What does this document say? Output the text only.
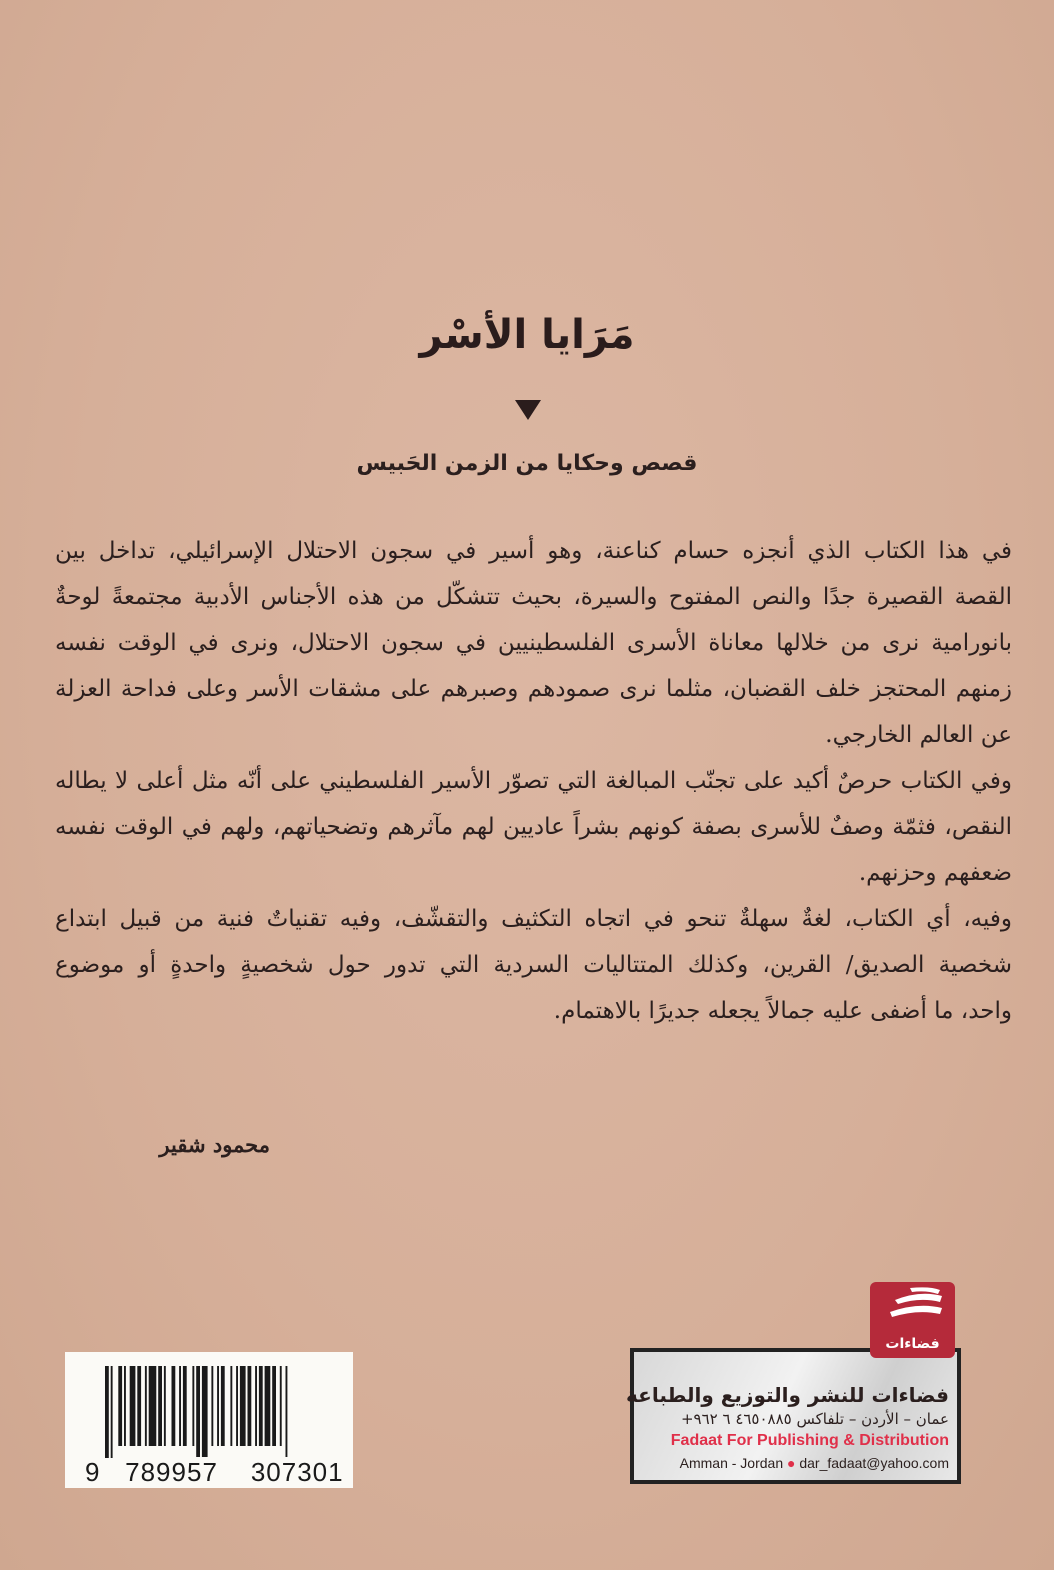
مَرَايا الأسْر
قصص وحكايا من الزمن الحَبيس
في هذا الكتاب الذي أنجزه حسام كناعنة، وهو أسير في سجون الاحتلال الإسرائيلي، تداخل بين
القصة القصيرة جدًا والنص المفتوح والسيرة، بحيث تتشكّل من هذه الأجناس الأدبية مجتمعةً لوحةٌ
بانورامية نرى من خلالها معاناة الأسرى الفلسطينيين في سجون الاحتلال، ونرى في الوقت نفسه
زمنهم المحتجز خلف القضبان، مثلما نرى صمودهم وصبرهم على مشقات الأسر وعلى فداحة العزلة
عن العالم الخارجي.
وفي الكتاب حرصٌ أكيد على تجنّب المبالغة التي تصوّر الأسير الفلسطيني على أنّه مثل أعلى لا يطاله
النقص، فثمّة وصفٌ للأسرى بصفة كونهم بشراً عاديين لهم مآثرهم وتضحياتهم، ولهم في الوقت نفسه
ضعفهم وحزنهم.
وفيه، أي الكتاب، لغةٌ سهلةٌ تنحو في اتجاه التكثيف والتقشّف، وفيه تقنياتٌ فنية من قبيل ابتداع
شخصية الصديق/ القرين، وكذلك المتتاليات السردية التي تدور حول شخصيةٍ واحدةٍ أو موضوع
واحد، ما أضفى عليه جمالاً يجعله جديرًا بالاهتمام.
محمود شقير
9 789957 307301
فضاءات
فضاءات للنشر والتوزيع والطباعة
عمان – الأردن – تلفاكس ٤٦٥٠٨٨٥ ٦ ٩٦٢+
Fadaat For Publishing & Distribution
Amman - Jordan ● dar_fadaat@yahoo.com
